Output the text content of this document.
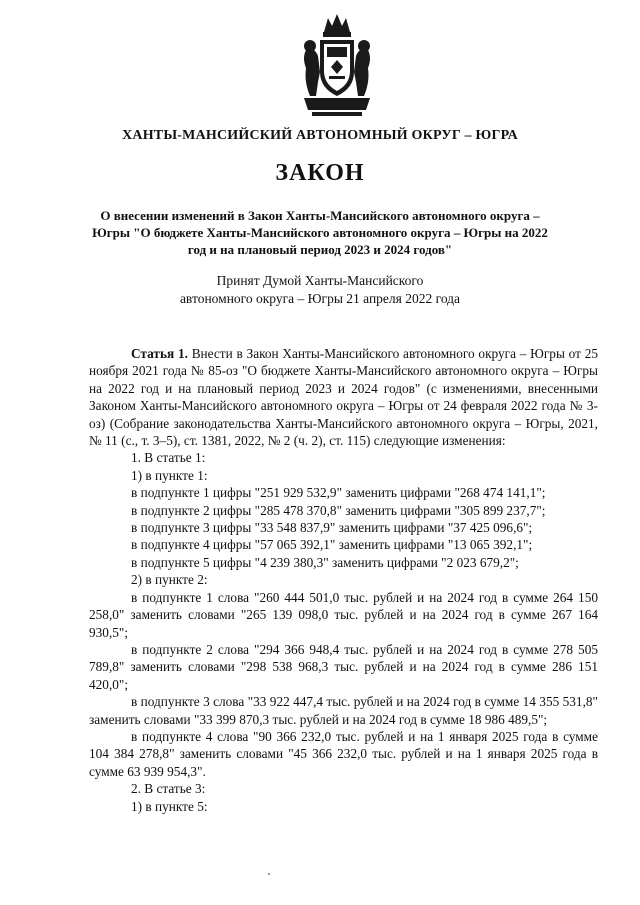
ХАНТЫ-МАНСИЙСКИЙ АВТОНОМНЫЙ ОКРУГ – ЮГРА
ЗАКОН
О внесении изменений в Закон Ханты-Мансийского автономного округа – Югры "О бюджете Ханты-Мансийского автономного округа – Югры на 2022 год и на плановый период 2023 и 2024 годов"
Принят Думой Ханты-Мансийского
автономного округа – Югры 21 апреля 2022 года

Статья 1. Внести в Закон Ханты-Мансийского автономного округа – Югры от 25 ноября 2021 года № 85-оз "О бюджете Ханты-Мансийского автономного округа – Югры на 2022 год и на плановый период 2023 и 2024 годов" (с изменениями, внесенными Законом Ханты-Мансийского автономного округа – Югры от 24 февраля 2022 года № 3-оз) (Собрание законодательства Ханты-Мансийского автономного округа – Югры, 2021, № 11 (с., т. 3–5), ст. 1381, 2022, № 2 (ч. 2), ст. 115) следующие изменения:

1. В статье 1:

1) в пункте 1:

в подпункте 1 цифры "251 929 532,9" заменить цифрами "268 474 141,1";

в подпункте 2 цифры "285 478 370,8" заменить цифрами "305 899 237,7";

в подпункте 3 цифры "33 548 837,9" заменить цифрами "37 425 096,6";

в подпункте 4 цифры "57 065 392,1" заменить цифрами "13 065 392,1";

в подпункте 5 цифры "4 239 380,3" заменить цифрами "2 023 679,2";

2) в пункте 2:

в подпункте 1 слова "260 444 501,0 тыс. рублей и на 2024 год в сумме 264 150 258,0" заменить словами "265 139 098,0 тыс. рублей и на 2024 год в сумме 267 164 930,5";

в подпункте 2 слова "294 366 948,4 тыс. рублей и на 2024 год в сумме 278 505 789,8" заменить словами "298 538 968,3 тыс. рублей и на 2024 год в сумме 286 151 420,0";

в подпункте 3 слова "33 922 447,4 тыс. рублей и на 2024 год в сумме 14 355 531,8" заменить словами "33 399 870,3 тыс. рублей и на 2024 год в сумме 18 986 489,5";

в подпункте 4 слова "90 366 232,0 тыс. рублей и на 1 января 2025 года в сумме 104 384 278,8" заменить словами "45 366 232,0 тыс. рублей и на 1 января 2025 года в сумме 63 939 954,3".

2. В статье 3:

1) в пункте 5:
